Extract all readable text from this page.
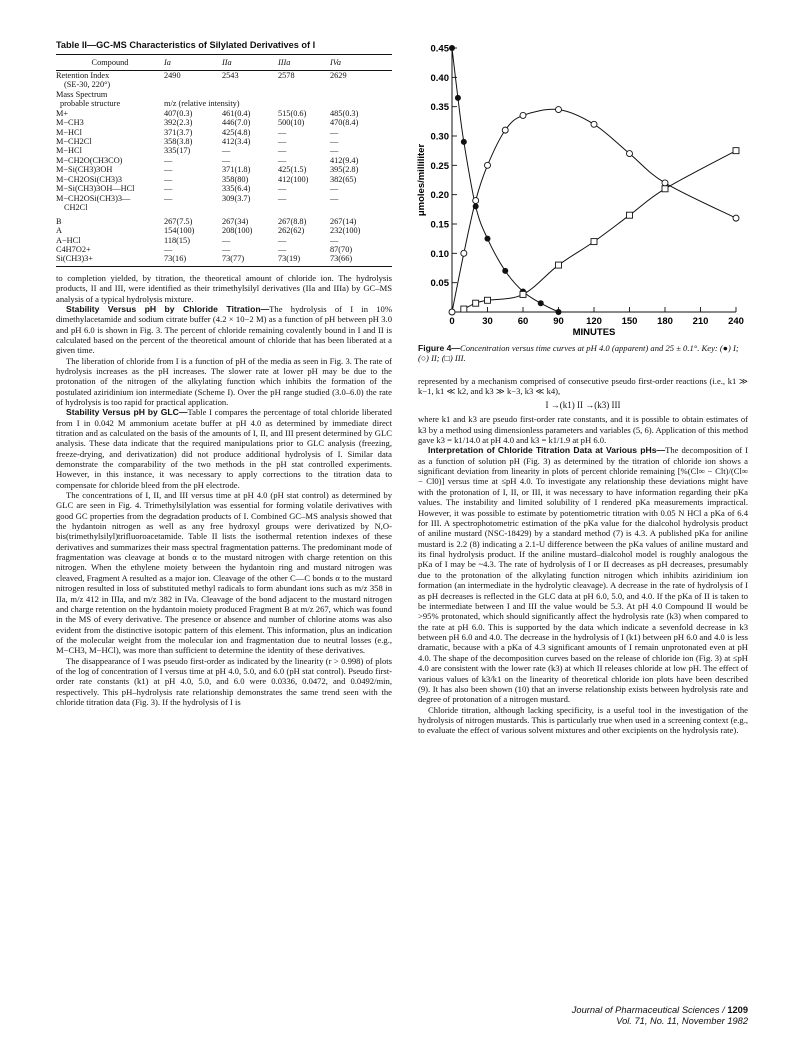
Table II—GC-MS Characteristics of Silylated Derivatives of I
Compound	Ia	IIa	IIIa	IVa
Retention Index	2490	2543	2578	2629
(SE-30, 220°)				
Mass Spectrum				
probable structure	m/z (relative intensity)			
M+	407(0.3)	461(0.4)	515(0.6)	485(0.3)
M−CH3	392(2.3)	446(7.0)	500(10)	470(8.4)
M−HCl	371(3.7)	425(4.8)	—	—
M−CH2Cl	358(3.8)	412(3.4)	—	—
M−HCl	335(17)	—	—	—
M−CH2O(CH3CO)	—	—	—	412(9.4)
M−Si(CH3)3OH	—	371(1.8)	425(1.5)	395(2.8)
M−CH2OSi(CH3)3	—	358(80)	412(100)	382(65)
M−Si(CH3)3OH—HCl	—	335(6.4)	—	—
M−CH2OSi(CH3)3—	—	309(3.7)	—	—
CH2Cl				
B	267(7.5)	267(34)	267(8.8)	267(14)
A	154(100)	208(100)	262(62)	232(100)
A−HCl	118(15)	—	—	—
C4H7O2+	—	—	—	87(70)
Si(CH3)3+	73(16)	73(77)	73(19)	73(66)

to completion yielded, by titration, the theoretical amount of chloride ion. The hydrolysis products, II and III, were identified as their trimethylsilyl derivatives (IIa and IIIa) by GC–MS analysis of a typical hydrolysis mixture.

Stability Versus pH by Chloride Titration—The hydrolysis of I in 10% dimethylacetamide and sodium citrate buffer (4.2 × 10−2 M) as a function of pH between pH 3.0 and pH 6.0 is shown in Fig. 3. The percent of chloride remaining covalently bound in I and II is calculated based on the percent of the theoretical amount of chloride that has been liberated at a given time.

The liberation of chloride from I is a function of pH of the media as seen in Fig. 3. The rate of hydrolysis increases as the pH increases. The slower rate at lower pH may be due to the protonation of the nitrogen of the alkylating function which inhibits the formation of the postulated aziridinium ion intermediate (Scheme I). Over the pH range studied (3.0–6.0) the rate of hydrolysis is too rapid for practical application.

Stability Versus pH by GLC—Table I compares the percentage of total chloride liberated from I in 0.042 M ammonium acetate buffer at pH 4.0 as determined by immediate direct titration and as calculated on the basis of the amounts of I, II, and III present determined by GLC analysis. These data indicate that the required manipulations prior to GLC analysis (freezing, freeze-drying, and derivatization) did not produce additional hydrolysis of I. Similar data demonstrate the comparability of the two methods in the pH stat controlled experiments. However, in this instance, it was necessary to apply corrections to the titration data to compensate for chloride bleed from the pH electrode.

The concentrations of I, II, and III versus time at pH 4.0 (pH stat control) as determined by GLC are seen in Fig. 4. Trimethylsilylation was essential for forming volatile derivatives with good GC properties from the degradation products of I. Combined GC–MS analysis showed that the hydantoin nitrogen as well as any free hydroxyl groups were derivatized by N,O-bis(trimethylsilyl)trifluoroacetamide. Table II lists the isothermal retention indexes of these derivatives and summarizes their mass spectral fragmentation patterns. The predominant mode of fragmentation was cleavage at bonds α to the mustard nitrogen with charge retention on this nitrogen. When the ethylene moiety between the hydantoin ring and mustard nitrogen was cleaved, Fragment A resulted as a major ion. Cleavage of the other C—C bonds α to the mustard nitrogen resulted in loss of substituted methyl radicals to form abundant ions such as m/z 358 in IIa, m/z 412 in IIIa, and m/z 382 in IVa. Cleavage of the bond adjacent to the mustard nitrogen and charge retention on the hydantoin moiety produced Fragment B at m/z 267, which was found in the MS of every derivative. The presence or absence and number of chlorine atoms was also evident from the distinctive isotopic pattern of this element. This information, plus an indication of the molecular weight from the molecular ion and fragmentation due to neutral losses (e.g., M−CH3, M−HCl), was more than sufficient to determine the identity of these derivatives.

The disappearance of I was pseudo first-order as indicated by the linearity (r > 0.998) of plots of the log of concentration of I versus time at pH 4.0, 5.0, and 6.0 (pH stat control). Pseudo first-order rate constants (k1) at pH 4.0, 5.0, and 6.0 were 0.0336, 0.0472, and 0.0492/min, respectively. This pH–hydrolysis rate relationship demonstrates the same trend seen with the chloride titration data (Fig. 3). If the hydrolysis of I is

0	30	60	90 120 150 180 210 240
0.05
0.10
0.15
0.20
0.25
0.30
0.35
0.40
0.45
MINUTES
μmoles/milliliter
Figure 4—Concentration versus time curves at pH 4.0 (apparent) and 25 ± 0.1°. Key: (●) I; (○) II; (□) III.

represented by a mechanism comprised of consecutive pseudo first-order reactions (i.e., k1 ≫ k−1, k1 ≪ k2, and k3 ≫ k−3, k3 ≪ k4),

I →(k1) II →(k3) III

where k1 and k3 are pseudo first-order rate constants, and it is possible to obtain estimates of k3 by a method using dimensionless parameters and variables (5, 6). Application of this method gave k3 = k1/14.0 at pH 4.0 and k3 = k1/1.9 at pH 6.0.

Interpretation of Chloride Titration Data at Various pHs—The decomposition of I as a function of solution pH (Fig. 3) as determined by the titration of chloride ion shows a significant deviation from linearity in plots of percent chloride remaining [%(Cl∞ − Clt)/(Cl∞ − Cl0)] versus time at ≤pH 4.0. To investigate any relationship these deviations might have with the protonation of I, II, or III, it was necessary to have information regarding their pKa values. The instability and limited solubility of I rendered pKa measurements impractical. However, it was possible to estimate by potentiometric titration with 0.05 N HCl a pKa of 6.4 for III. A spectrophotometric estimation of the pKa value for the dialcohol hydrolysis product of aniline mustard (NSC-18429) by a standard method (7) is 4.3. A published pKa for aniline mustard is 2.2 (8) indicating a 2.1-U difference between the pKa values of aniline mustard and its final hydrolysis product. If the aniline mustard–dialcohol model is roughly analogous the pKa of I may be ~4.3. The rate of hydrolysis of I or II decreases as pH decreases, presumably due to the protonation of the alkylating function nitrogen which inhibits aziridinium ion formation (an intermediate in the hydrolytic cleavage). A decrease in the rate of hydrolysis of I as pH decreases is reflected in the GLC data at pH 6.0, 5.0, and 4.0. If the pKa of II is taken to be intermediate between I and III the value would be 5.3. At pH 4.0 Compound II would be >95% protonated, which should significantly affect the hydrolysis rate (k3) when compared to the rate at pH 6.0. This is supported by the data which indicate a sevenfold decrease in k3 between pH 6.0 and 4.0. The decrease in the hydrolysis of I (k1) between pH 6.0 and 4.0 is less dramatic, because with a pKa of 4.3 significant amounts of I remain unprotonated even at pH 4.0. The shape of the decomposition curves based on the release of chloride ion (Fig. 3) at ≤pH 4.0 are consistent with the lower rate (k3) at which II releases chloride at low pH. The effect of various values of k3/k1 on the linearity of theoretical chloride ion plots have been described (9). It has also been shown (10) that an inverse relationship exists between hydrolysis rate and degree of protonation of a nitrogen mustard.

Chloride titration, although lacking specificity, is a useful tool in the investigation of the hydrolysis of nitrogen mustards. This is particularly true when used in a screening context (e.g., to evaluate the effect of various solvent mixtures and other excipients on the hydrolysis rate).

Journal of Pharmaceutical Sciences / 1209
Vol. 71, No. 11, November 1982
